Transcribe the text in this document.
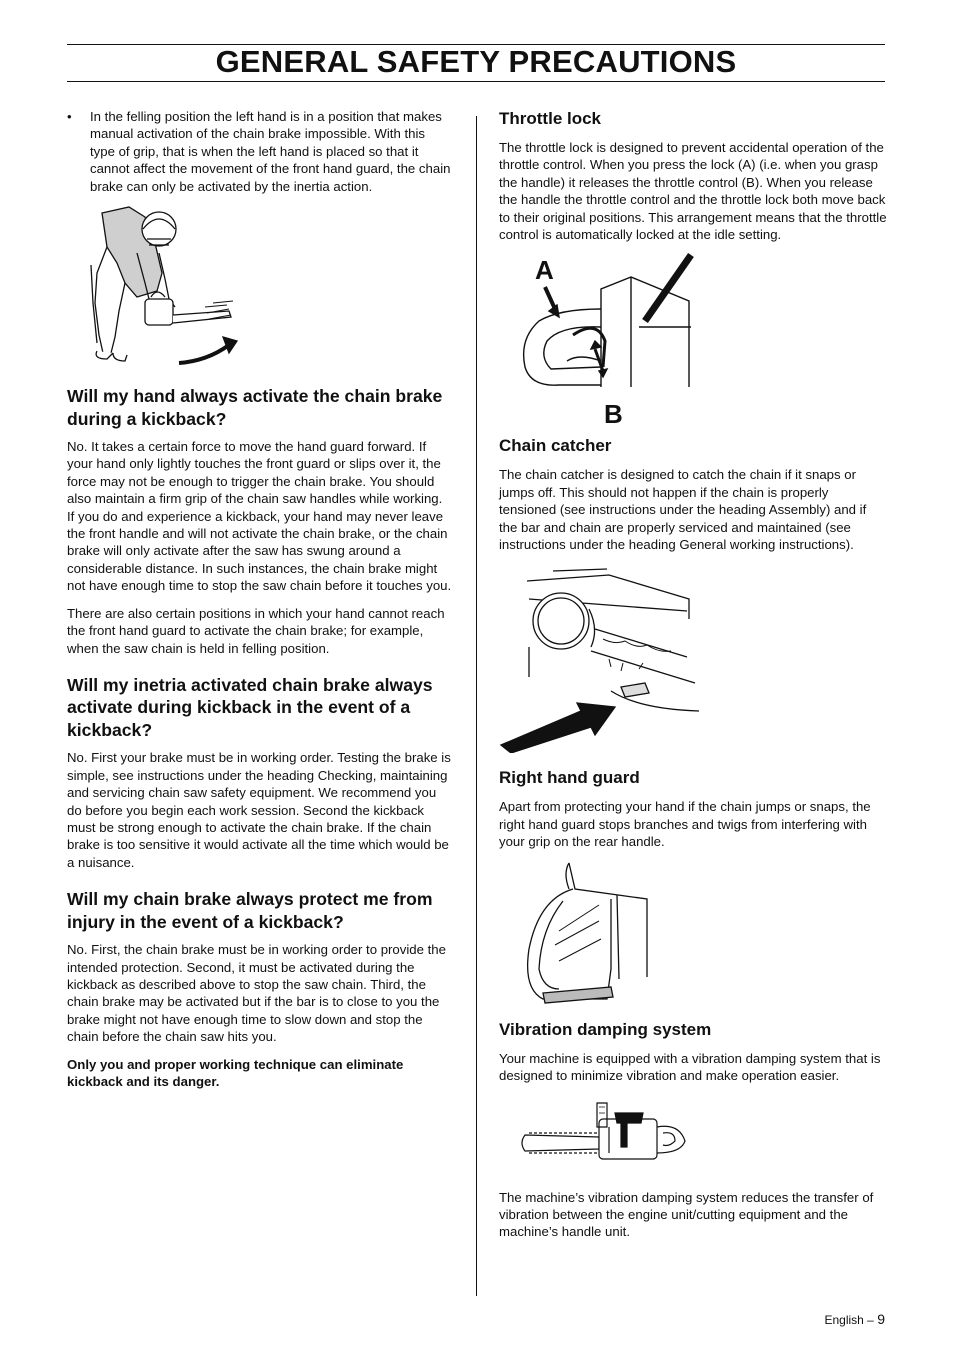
GENERAL SAFETY PRECAUTIONS
• In the felling position the left hand is in a position that makes manual activation of the chain brake impossible. With this type of grip, that is when the left hand is placed so that it cannot affect the movement of the front hand guard, the chain brake can only be activated by the inertia action.
Will my hand always activate the chain brake during a kickback?

No. It takes a certain force to move the hand guard forward. If your hand only lightly touches the front guard or slips over it, the force may not be enough to trigger the chain brake. You should also maintain a firm grip of the chain saw handles while working. If you do and experience a kickback, your hand may never leave the front handle and will not activate the chain brake, or the chain brake will only activate after the saw has swung around a considerable distance. In such instances, the chain brake might not have enough time to stop the saw chain before it touches you.

There are also certain positions in which your hand cannot reach the front hand guard to activate the chain brake; for example, when the saw chain is held in felling position.

Will my inetria activated chain brake always activate during kickback in the event of a kickback?

No. First your brake must be in working order. Testing the brake is simple, see instructions under the heading Checking, maintaining and servicing chain saw safety equipment. We recommend you do before you begin each work session. Second the kickback must be strong enough to activate the chain brake. If the chain brake is too sensitive it would activate all the time which would be a nuisance.

Will my chain brake always protect me from injury in the event of a kickback?

No. First, the chain brake must be in working order to provide the intended protection. Second, it must be activated during the kickback as described above to stop the saw chain. Third, the chain brake may be activated but if the bar is to close to you the brake might not have enough time to slow down and stop the chain before the chain saw hits you.

Only you and proper working technique can eliminate kickback and its danger.

Throttle lock

The throttle lock is designed to prevent accidental operation of the throttle control. When you press the lock (A) (i.e. when you grasp the handle) it releases the throttle control (B). When you release the handle the throttle control and the throttle lock both move back to their original positions. This arrangement means that the throttle control is automatically locked at the idle setting.

A
B
Chain catcher

The chain catcher is designed to catch the chain if it snaps or jumps off. This should not happen if the chain is properly tensioned (see instructions under the heading Assembly) and if the bar and chain are properly serviced and maintained (see instructions under the heading General working instructions).

Right hand guard

Apart from protecting your hand if the chain jumps or snaps, the right hand guard stops branches and twigs from interfering with your grip on the rear handle.

Vibration damping system

Your machine is equipped with a vibration damping system that is designed to minimize vibration and make operation easier.

The machine’s vibration damping system reduces the transfer of vibration between the engine unit/cutting equipment and the machine’s handle unit.

English – 9
